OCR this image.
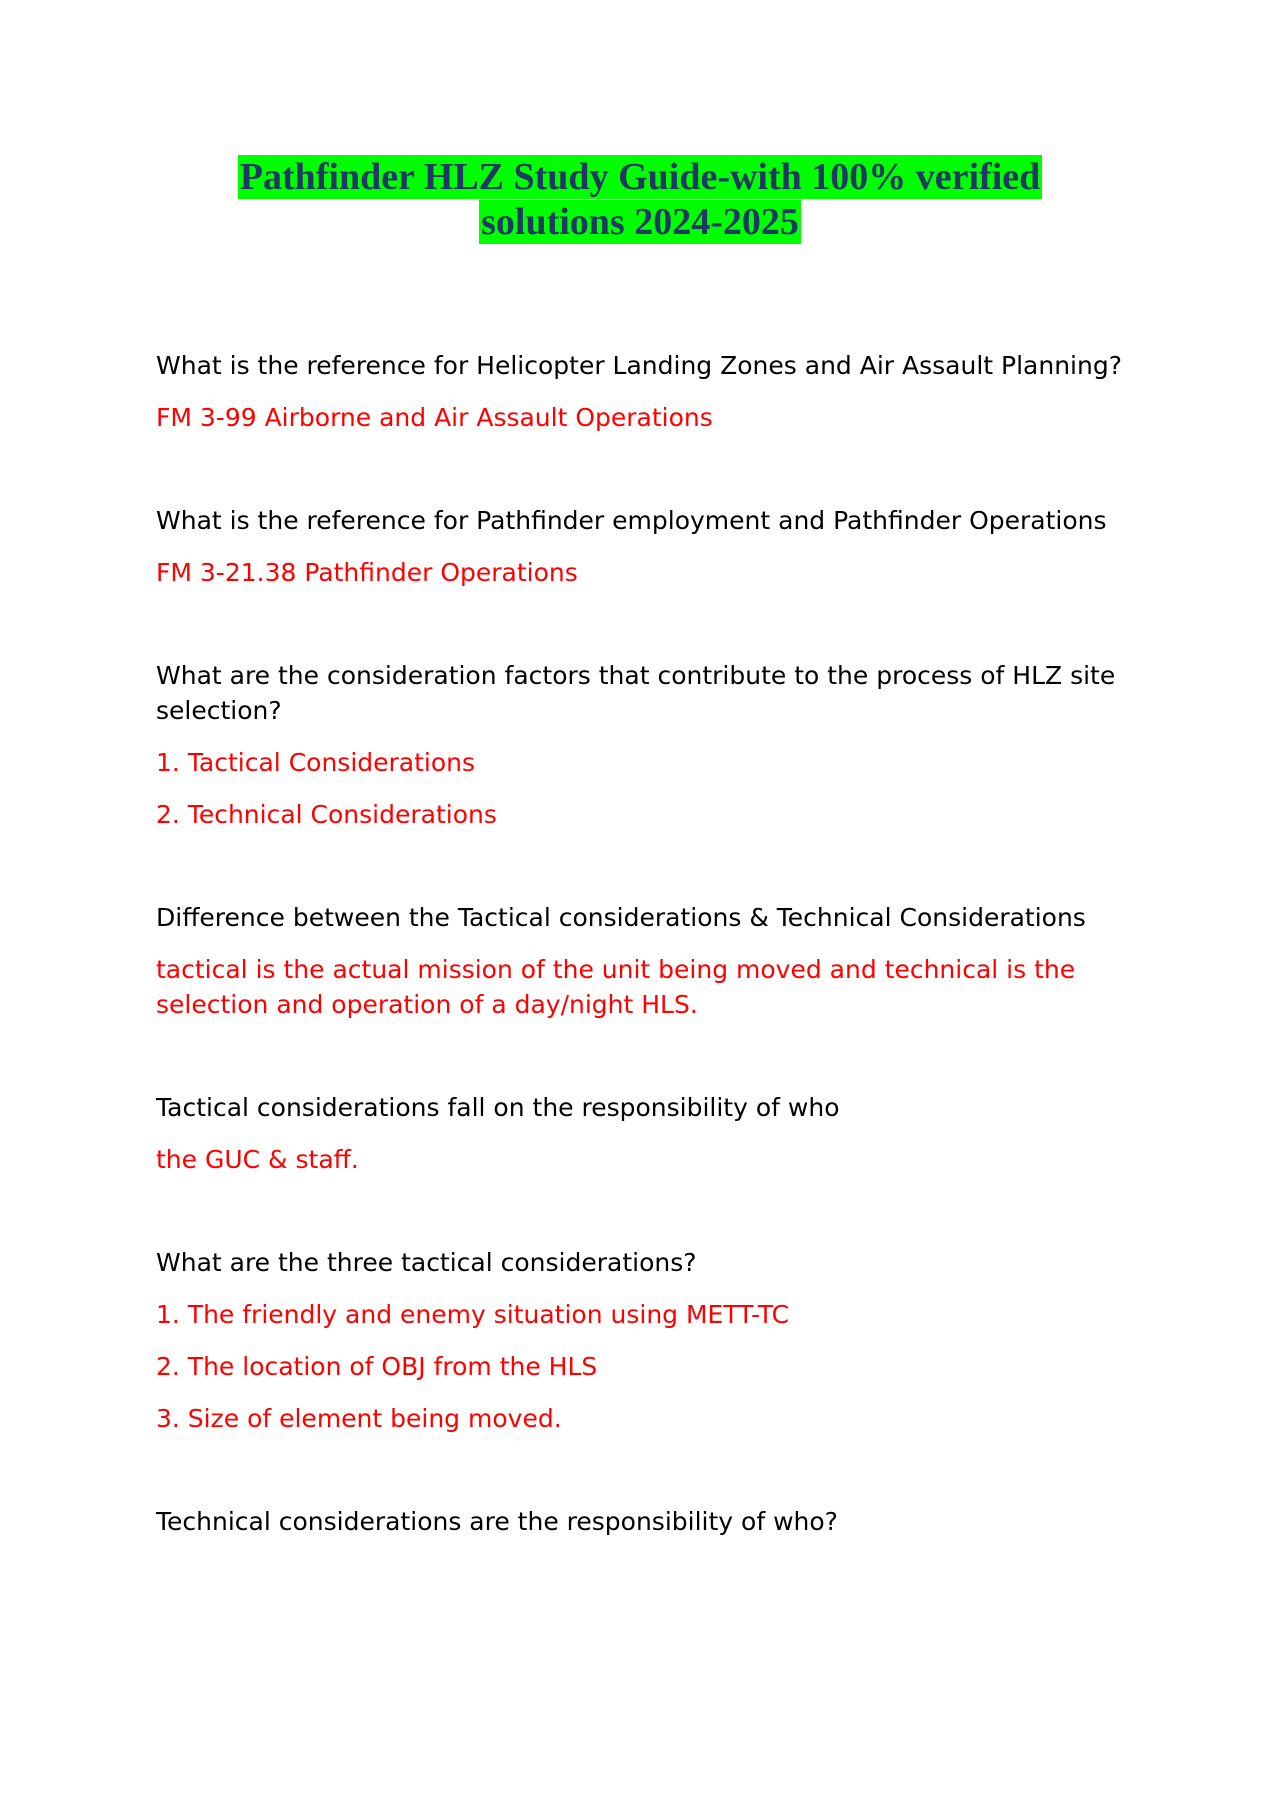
Pathfinder HLZ Study Guide-with 100% verified
solutions 2024-2025

What is the reference for Helicopter Landing Zones and Air Assault Planning?

FM 3-99 Airborne and Air Assault Operations

What is the reference for Pathfinder employment and Pathfinder Operations

FM 3-21.38 Pathfinder Operations

What are the consideration factors that contribute to the process of HLZ site selection?

1. Tactical Considerations

2. Technical Considerations

Difference between the Tactical considerations & Technical Considerations

tactical is the actual mission of the unit being moved and technical is the selection and operation of a day/night HLS.

Tactical considerations fall on the responsibility of who

the GUC & staff.

What are the three tactical considerations?

1. The friendly and enemy situation using METT-TC

2. The location of OBJ from the HLS

3. Size of element being moved.

Technical considerations are the responsibility of who?
